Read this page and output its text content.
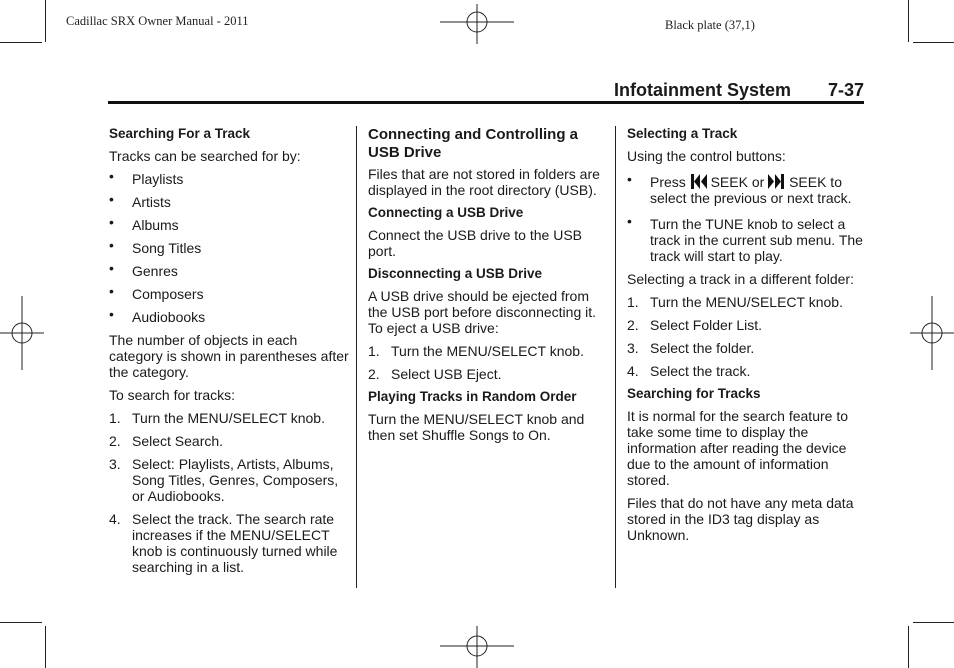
Cadillac SRX Owner Manual - 2011	Black plate (37,1)
Infotainment System 7-37

Searching For a Track

Tracks can be searched for by:

• Playlists
• Artists
• Albums
• Song Titles
• Genres
• Composers
• Audiobooks

The number of objects in each category is shown in parentheses after the category.

To search for tracks:

1. Turn the MENU/SELECT knob.
2. Select Search.
3. Select: Playlists, Artists, Albums, Song Titles, Genres, Composers, or Audiobooks.
4. Select the track. The search rate increases if the MENU/SELECT knob is continuously turned while searching in a list.

Connecting and Controlling a USB Drive

Files that are not stored in folders are displayed in the root directory (USB).

Connecting a USB Drive

Connect the USB drive to the USB port.

Disconnecting a USB Drive

A USB drive should be ejected from the USB port before disconnecting it. To eject a USB drive:

1. Turn the MENU/SELECT knob.
2. Select USB Eject.

Playing Tracks in Random Order

Turn the MENU/SELECT knob and then set Shuffle Songs to On.

Selecting a Track

Using the control buttons:

• Press SEEK or SEEK to select the previous or next track.
• Turn the TUNE knob to select a track in the current sub menu. The track will start to play.

Selecting a track in a different folder:

1. Turn the MENU/SELECT knob.
2. Select Folder List.
3. Select the folder.
4. Select the track.

Searching for Tracks

It is normal for the search feature to take some time to display the information after reading the device due to the amount of information stored.

Files that do not have any meta data stored in the ID3 tag display as Unknown.
